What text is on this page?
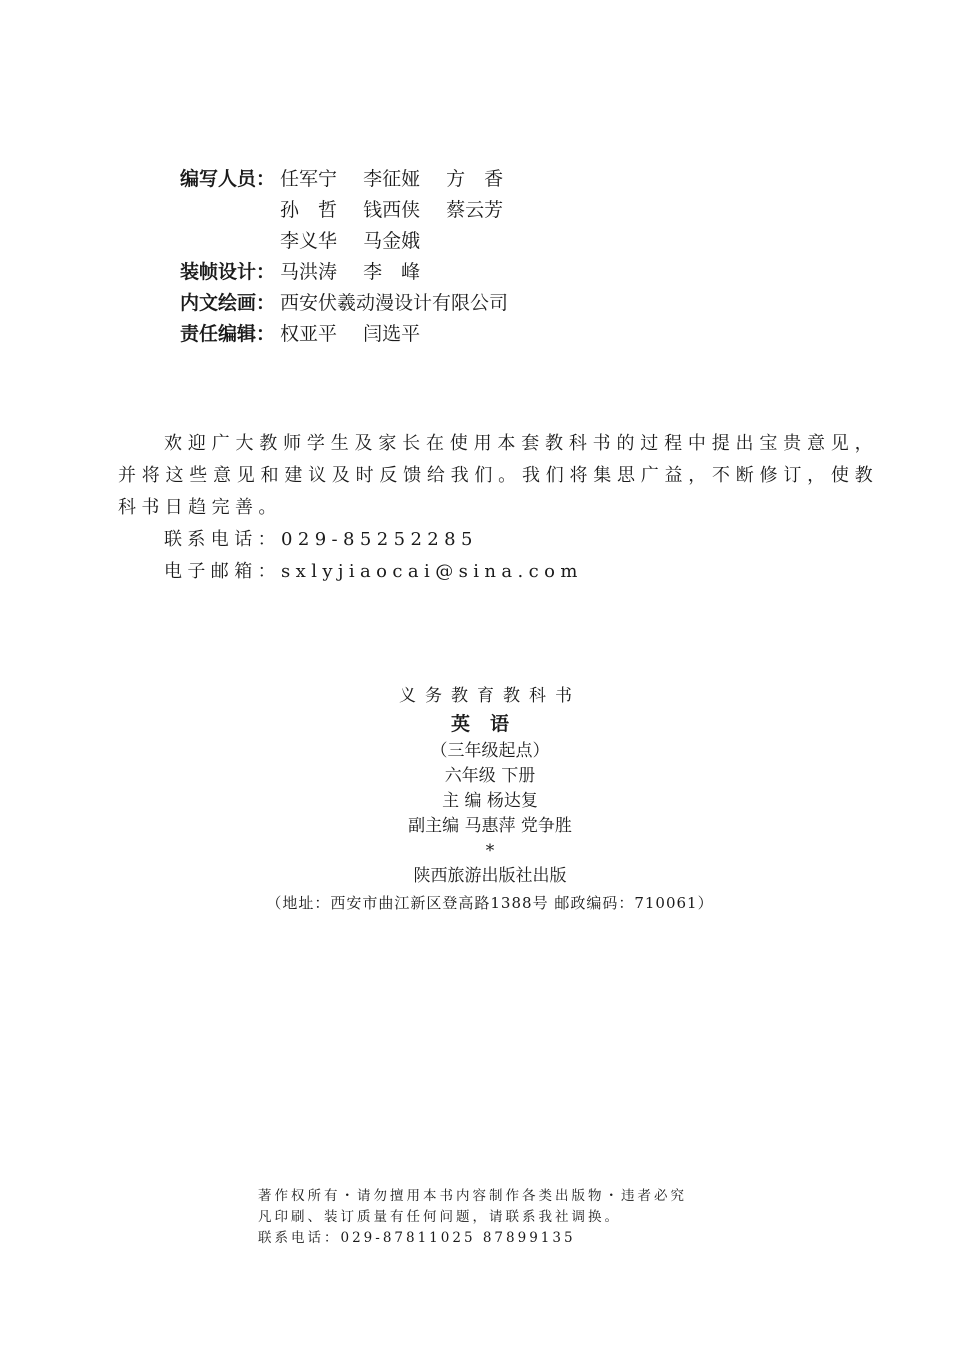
编写人员： 任军宁 李征娅 方　香
孙　哲 钱西侠 蔡云芳
李义华 马金娥
装帧设计： 马洪涛 李　峰
内文绘画： 西安伏羲动漫设计有限公司
责任编辑： 权亚平 闫选平

欢迎广大教师学生及家长在使用本套教科书的过程中提出宝贵意见，并将这些意见和建议及时反馈给我们。我们将集思广益，不断修订，使教科书日趋完善。

联系电话：029-85252285

电子邮箱：sxlyjiaocai@sina.com

义务教育教科书
英语
（三年级起点）
六年级 下册
主 编 杨达复
副主编 马惠萍 党争胜
*
陕西旅游出版社出版
（地址：西安市曲江新区登高路1388号 邮政编码：710061）
著作权所有・请勿擅用本书内容制作各类出版物・违者必究
凡印刷、装订质量有任何问题，请联系我社调换。
联系电话：029-87811025 87899135
